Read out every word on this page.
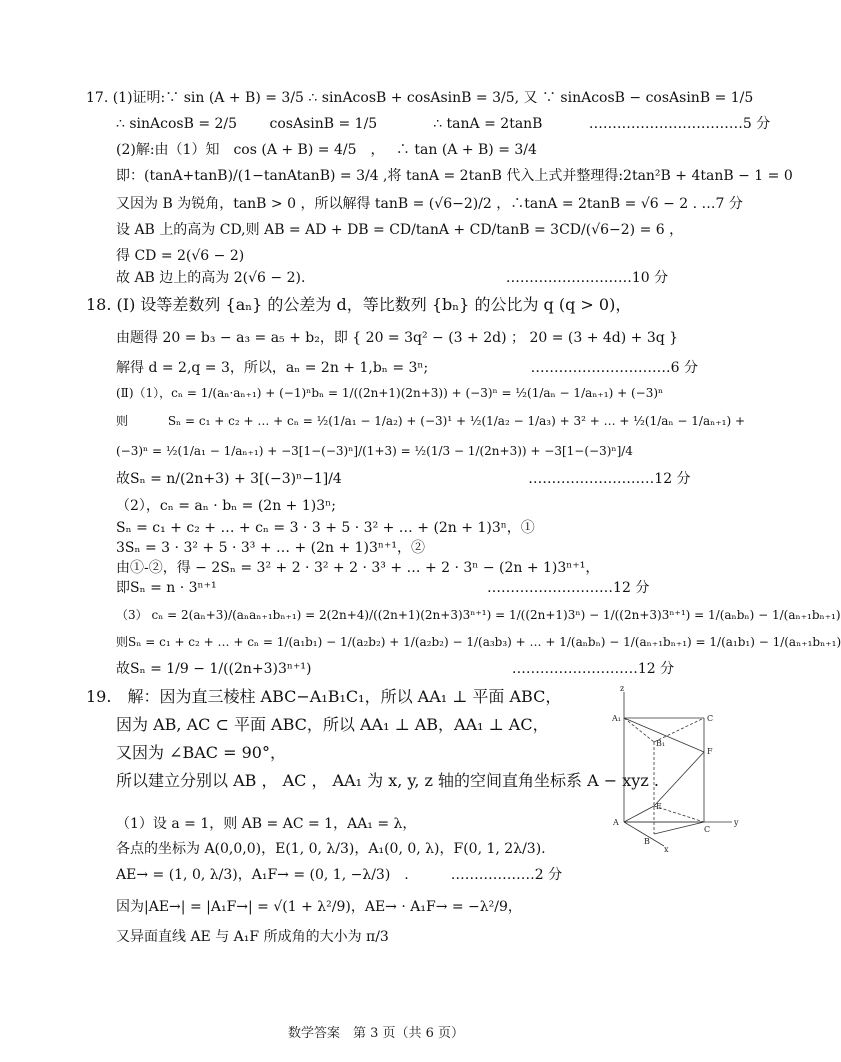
17. (1)证明:∵ sin (A + B) = 3/5 ∴ sinAcosB + cosAsinB = 3/5, 又 ∵ sinAcosB − cosAsinB = 1/5
∴ sinAcosB = 2/5　　 cosAsinB = 1/5　　　　∴ tanA = 2tanB　　　 ……………………………5 分
(2)解:由（1）知　cos (A + B) = 4/5　，　 ∴ tan (A + B) = 3/4
即：(tanA+tanB)/(1−tanAtanB) = 3/4 ,将 tanA = 2tanB 代入上式并整理得:2tan²B + 4tanB − 1 = 0
又因为 B 为锐角，tanB > 0 ，所以解得 tanB = (√6−2)/2 ，∴tanA = 2tanB = √6 − 2 . …7 分
设 AB 上的高为 CD,则 AB = AD + DB = CD/tanA + CD/tanB = 3CD/(√6−2) = 6 ，
得 CD = 2(√6 − 2)
故 AB 边上的高为 2(√6 − 2).　　　　　　　　　　　　　　 ………………………10 分
18. (Ⅰ) 设等差数列 {aₙ} 的公差为 d，等比数列 {bₙ} 的公比为 q (q > 0)，
由题得 20 = b₃ − a₃ = a₅ + b₂，即 { 20 = 3q² − (3 + 2d) ； 20 = (3 + 4d) + 3q }
解得 d = 2,q = 3，所以，aₙ = 2n + 1,bₙ = 3ⁿ;　　　　　　　 …………………………6 分
(Ⅱ)（1），cₙ = 1/(aₙ·aₙ₊₁) + (−1)ⁿbₙ = 1/((2n+1)(2n+3)) + (−3)ⁿ = ½(1/aₙ − 1/aₙ₊₁) + (−3)ⁿ
则　　　 Sₙ = c₁ + c₂ + … + cₙ = ½(1/a₁ − 1/a₂) + (−3)¹ + ½(1/a₂ − 1/a₃) + 3² + … + ½(1/aₙ − 1/aₙ₊₁) +
(−3)ⁿ = ½(1/a₁ − 1/aₙ₊₁) + −3[1−(−3)ⁿ]/(1+3) = ½(1/3 − 1/(2n+3)) + −3[1−(−3)ⁿ]/4
故Sₙ = n/(2n+3) + 3[(−3)ⁿ−1]/4　　　　　　　　　　　　　 ………………………12 分
（2），cₙ = aₙ · bₙ = (2n + 1)3ⁿ;
Sₙ = c₁ + c₂ + … + cₙ = 3 · 3 + 5 · 3² + … + (2n + 1)3ⁿ，①
3Sₙ = 3 · 3² + 5 · 3³ + … + (2n + 1)3ⁿ⁺¹，②
由①-②，得 − 2Sₙ = 3² + 2 · 3² + 2 · 3³ + … + 2 · 3ⁿ − (2n + 1)3ⁿ⁺¹，
即Sₙ = n · 3ⁿ⁺¹　　　　　　　　　　　　　　　　　　　 ………………………12 分
（3） cₙ = 2(aₙ+3)/(aₙaₙ₊₁bₙ₊₁) = 2(2n+4)/((2n+1)(2n+3)3ⁿ⁺¹) = 1/((2n+1)3ⁿ) − 1/((2n+3)3ⁿ⁺¹) = 1/(aₙbₙ) − 1/(aₙ₊₁bₙ₊₁)
则Sₙ = c₁ + c₂ + … + cₙ = 1/(a₁b₁) − 1/(a₂b₂) + 1/(a₂b₂) − 1/(a₃b₃) + … + 1/(aₙbₙ) − 1/(aₙ₊₁bₙ₊₁) = 1/(a₁b₁) − 1/(aₙ₊₁bₙ₊₁)
故Sₙ = 1/9 − 1/((2n+3)3ⁿ⁺¹)　　　　　　　　　　　　　　 ………………………12 分
19.　解：因为直三棱柱 ABC−A₁B₁C₁，所以 AA₁ ⊥ 平面 ABC，
因为 AB, AC ⊂ 平面 ABC，所以 AA₁ ⊥ AB，AA₁ ⊥ AC，
又因为 ∠BAC = 90°，
所以建立分别以 AB ， AC ， AA₁ 为 x, y, z 轴的空间直角坐标系 A − xyz .
（1）设 a = 1，则 AB = AC = 1，AA₁ = λ，
各点的坐标为 A(0,0,0)，E(1, 0, λ/3)，A₁(0, 0, λ)，F(0, 1, 2λ/3).
AE→ = (1, 0, λ/3)，A₁F→ = (0, 1, −λ/3)　.　　　………………2 分
因为|AE→| = |A₁F→| = √(1 + λ²/9)，AE→ · A₁F→ = −λ²/9，
又异面直线 AE 与 A₁F 所成角的大小为 π/3
z
A₁	C
B₁
F
E
A
C
y
B
x
数学答案　第 3 页（共 6 页）
